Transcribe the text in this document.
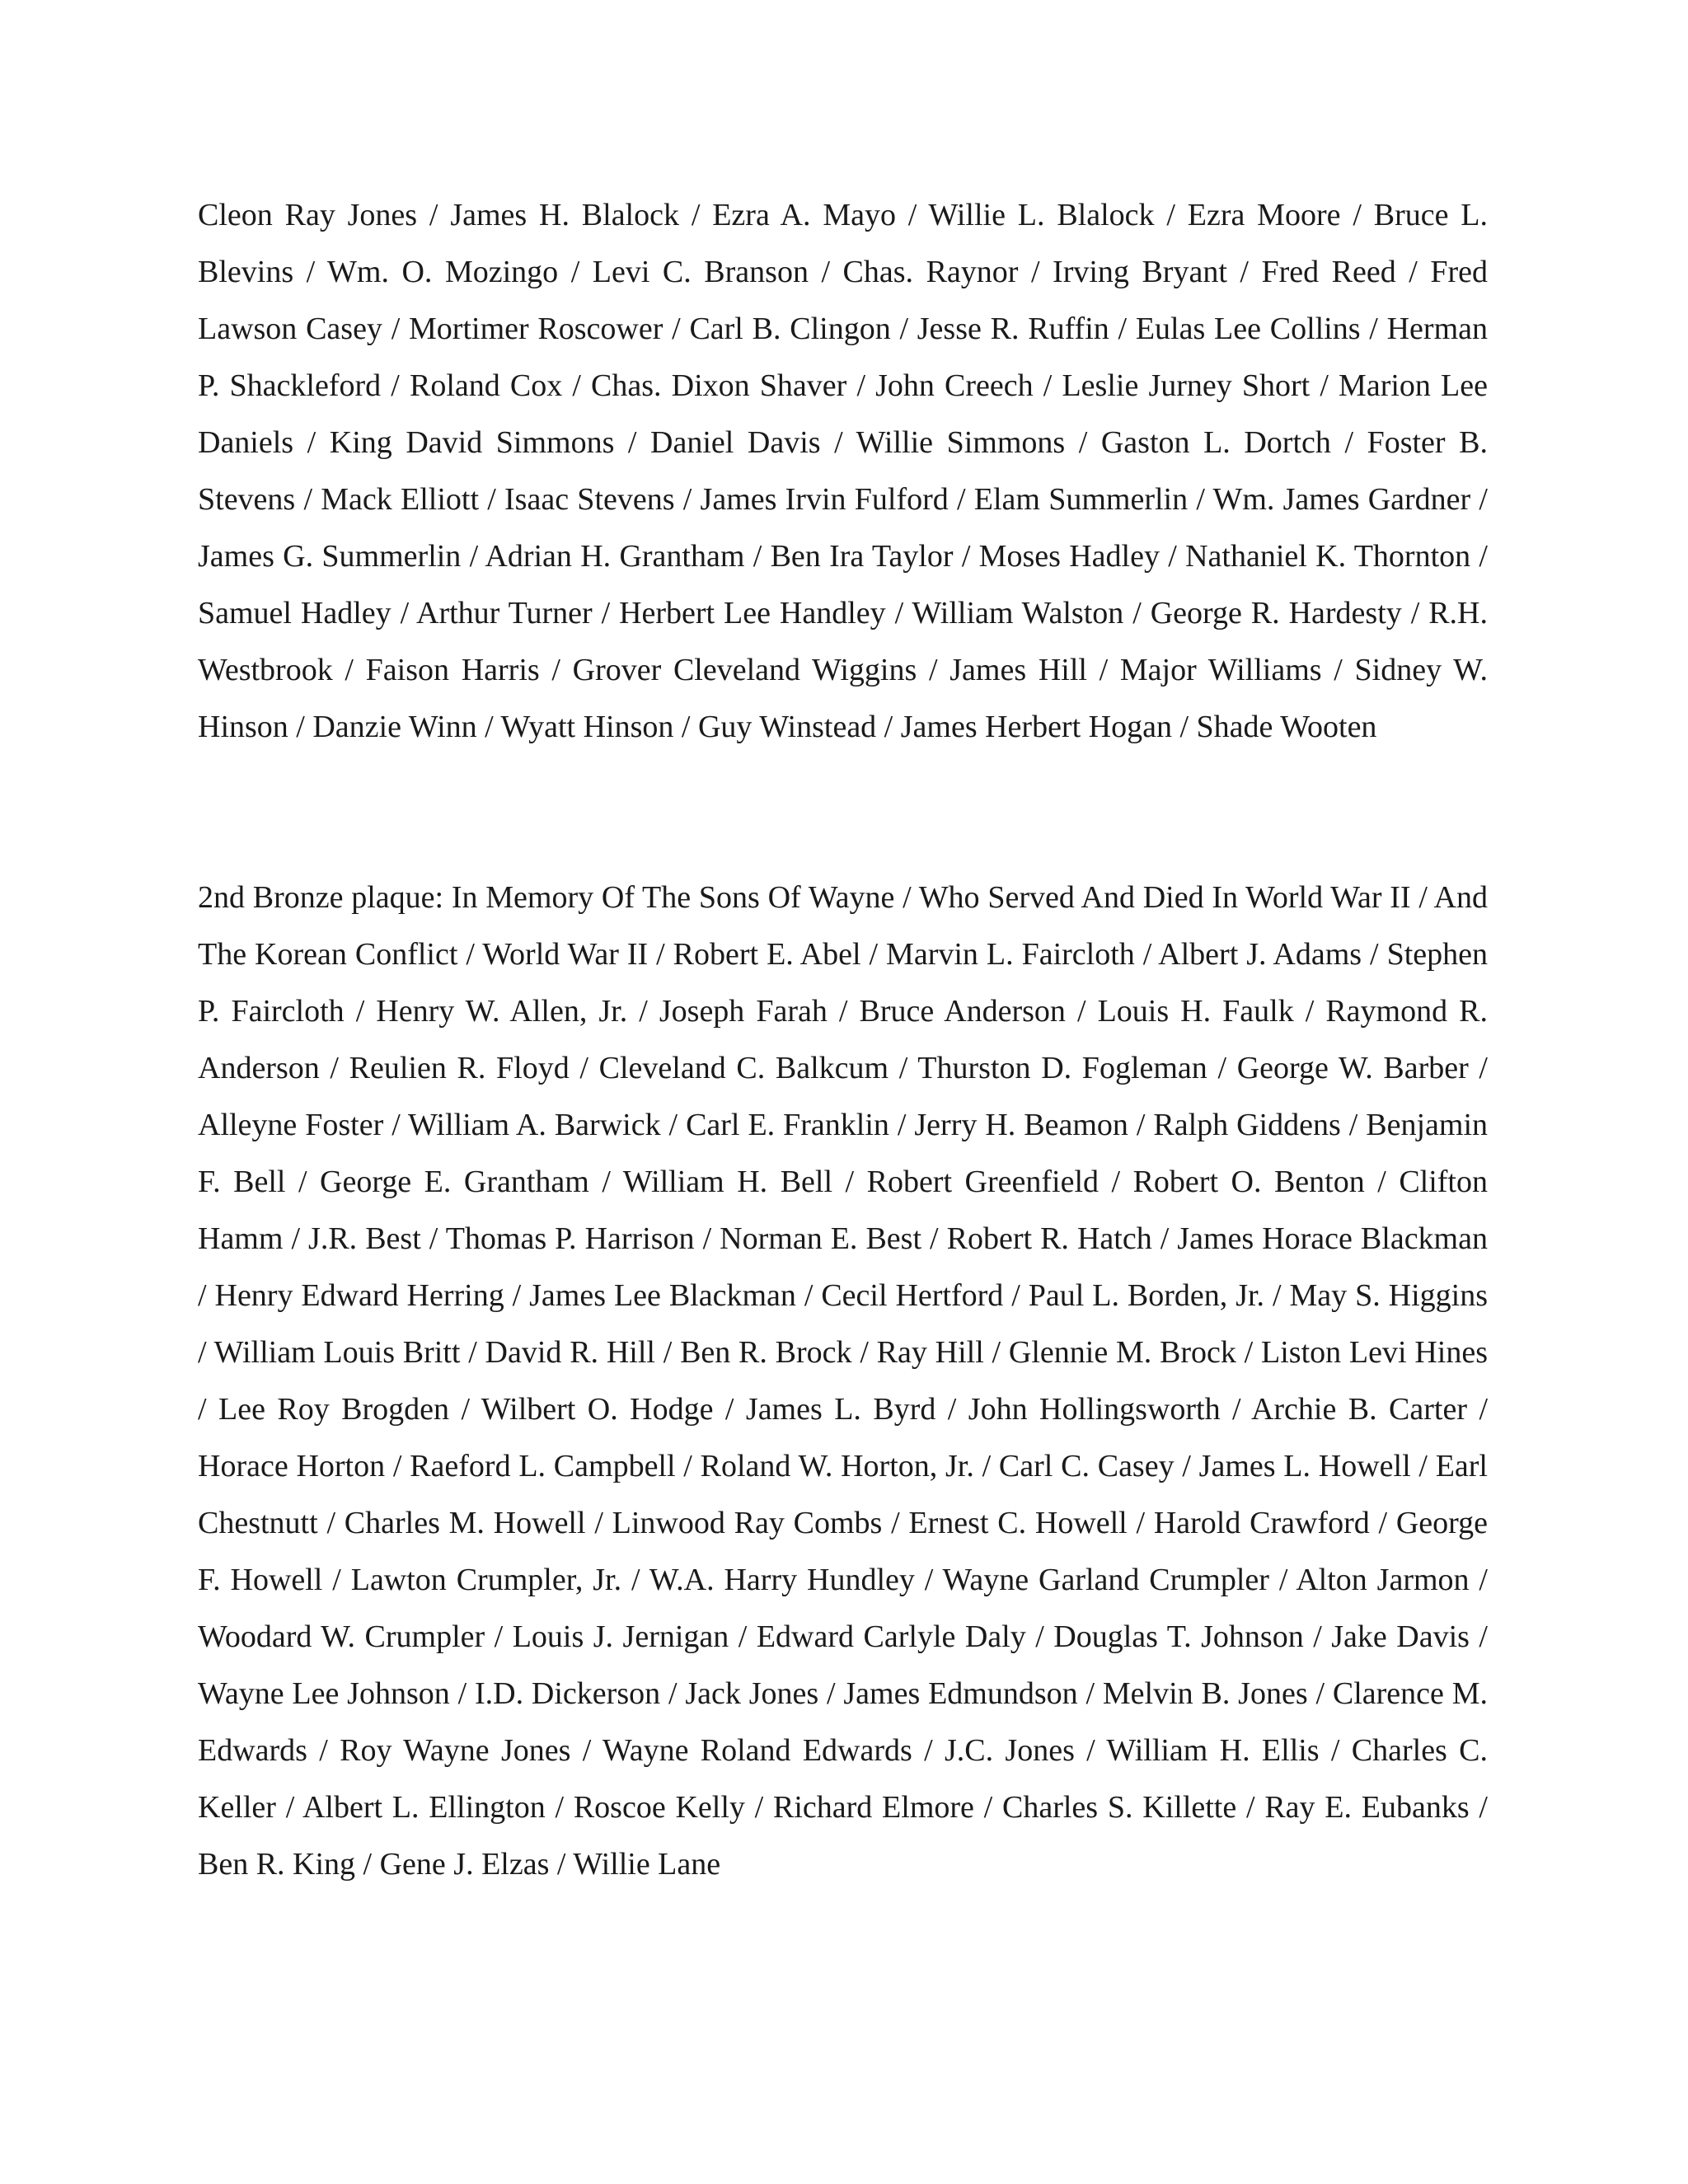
Cleon Ray Jones / James H. Blalock / Ezra A. Mayo / Willie L. Blalock / Ezra Moore / Bruce L. Blevins / Wm. O. Mozingo / Levi C. Branson / Chas. Raynor / Irving Bryant / Fred Reed / Fred Lawson Casey / Mortimer Roscower / Carl B. Clingon / Jesse R. Ruffin / Eulas Lee Collins / Herman P. Shackleford / Roland Cox / Chas. Dixon Shaver / John Creech / Leslie Jurney Short / Marion Lee Daniels / King David Simmons / Daniel Davis / Willie Simmons / Gaston L. Dortch / Foster B. Stevens / Mack Elliott / Isaac Stevens / James Irvin Fulford / Elam Summerlin / Wm. James Gardner / James G. Summerlin / Adrian H. Grantham / Ben Ira Taylor / Moses Hadley / Nathaniel K. Thornton / Samuel Hadley / Arthur Turner / Herbert Lee Handley / William Walston / George R. Hardesty / R.H. Westbrook / Faison Harris / Grover Cleveland Wiggins / James Hill / Major Williams / Sidney W. Hinson / Danzie Winn / Wyatt Hinson / Guy Winstead / James Herbert Hogan / Shade Wooten

2nd Bronze plaque: In Memory Of The Sons Of Wayne / Who Served And Died In World War II / And The Korean Conflict / World War II / Robert E. Abel / Marvin L. Faircloth / Albert J. Adams / Stephen P. Faircloth / Henry W. Allen, Jr. / Joseph Farah / Bruce Anderson / Louis H. Faulk / Raymond R. Anderson / Reulien R. Floyd / Cleveland C. Balkcum / Thurston D. Fogleman / George W. Barber / Alleyne Foster / William A. Barwick / Carl E. Franklin / Jerry H. Beamon / Ralph Giddens / Benjamin F. Bell / George E. Grantham / William H. Bell / Robert Greenfield / Robert O. Benton / Clifton Hamm / J.R. Best / Thomas P. Harrison / Norman E. Best / Robert R. Hatch / James Horace Blackman / Henry Edward Herring / James Lee Blackman / Cecil Hertford / Paul L. Borden, Jr. / May S. Higgins / William Louis Britt / David R. Hill / Ben R. Brock / Ray Hill / Glennie M. Brock / Liston Levi Hines / Lee Roy Brogden / Wilbert O. Hodge / James L. Byrd / John Hollingsworth / Archie B. Carter / Horace Horton / Raeford L. Campbell / Roland W. Horton, Jr. / Carl C. Casey / James L. Howell / Earl Chestnutt / Charles M. Howell / Linwood Ray Combs / Ernest C. Howell / Harold Crawford / George F. Howell / Lawton Crumpler, Jr. / W.A. Harry Hundley / Wayne Garland Crumpler / Alton Jarmon / Woodard W. Crumpler / Louis J. Jernigan / Edward Carlyle Daly / Douglas T. Johnson / Jake Davis / Wayne Lee Johnson / I.D. Dickerson / Jack Jones / James Edmundson / Melvin B. Jones / Clarence M. Edwards / Roy Wayne Jones / Wayne Roland Edwards / J.C. Jones / William H. Ellis / Charles C. Keller / Albert L. Ellington / Roscoe Kelly / Richard Elmore / Charles S. Killette / Ray E. Eubanks / Ben R. King / Gene J. Elzas / Willie Lane
